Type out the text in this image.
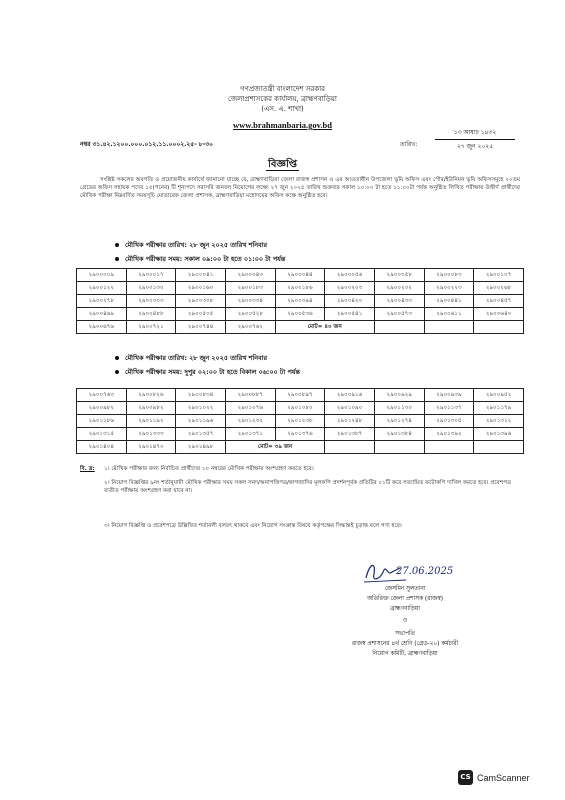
গণপ্রজাতন্ত্রী বাংলাদেশ সরকার
জেলাপ্রশাসকের কার্যালয়, ব্রাহ্মণবাড়িয়া
(এস. এ. শাখা)
www.brahmanbaria.gov.bd
নম্বর ৩১.৪২.১২০০.০০০.০১২.১১.০০০২.২৫- ৮-৩০	তারিখ:
১৩ আষাঢ় ১৪৩২
২৭ জুন ২০২৫
বিজ্ঞপ্তি
সংশ্লিষ্ট সকলের অবগতি ও প্রয়োজনীয় কার্যার্থে জানানো যাচ্ছে যে, ব্রাহ্মণবাড়িয়া জেলা রাজস্ব প্রশাসন ও এর আওতাধীন উপজেলা ভূমি অফিস এবং পৌর/ইউনিয়ন ভূমি অফিসসমূহে ২০তম গ্রেডের অফিস সহায়ক পদের ১৫(পনের) টি শূন্যপদে সরাসরি জনবল নিয়োগের লক্ষ্যে ২৭ জুন ২০২৫ তারিখ শুক্রবার সকাল ১০:০০ টা হতে ১১:০০টা পর্যন্ত অনুষ্ঠিত লিখিত পরীক্ষায় উত্তীর্ণ প্রার্থীদের মৌখিক পরীক্ষা নিম্নবর্ণিত সময়সূচি মোতাবেক জেলা প্রশাসক, ব্রাহ্মণবাড়িয়া মহোদয়ের অফিস কক্ষে অনুষ্ঠিত হবে।
মৌখিক পরীক্ষার তারিখ: ২৮ জুন ২০২৫ তারিখ শনিবার
মৌখিক পরীক্ষার সময়: সকাল ০৯:০০ টা হতে ০১:০০ টা পর্যন্ত
২৯০০০০৯	২৯০০০১৭	২৯০০০৪১	২৯০০০৪৩	২৯০০০৪৪	২৯০০০৫৬	২৯০০০৫৮	২৯০০০৮৩	২৯০০১০৭
২৯০০১২২	২৯০০১৩০	২৯০০১৬০	২৯০০১৮৩	২৯০০১৮৬	২৯০০২০৩	২৯০০২০২	২৯০০২২৩	২৯০০২৬৮
২৯০০২৭৮	২৯০০৩০৩	২৯০০৩০৮	২৯০০৩৩৪	২৯০০৩৯৪	২৯০০৪২০	২৯০০৪৩৩	২৯০০৪৪১	২৯০০৪৫৭
২৯০০৪৬৯	২৯০০৪৮৮	২৯০০৫০৫	২৯০০৫২৮	২৯০০৫৩৬	২৯০০৫৪১	২৯০০৫৭৩	২৯০০৬১১	২৯০০৬৪০
২৯০০৬৭৬	২৯০০৭২১	২৯০০৭৪৪	২৯০০৭৬২	মোট= ৪০ জন				
মৌখিক পরীক্ষার তারিখ: ২৮ জুন ২০২৫ তারিখ শনিবার
মৌখিক পরীক্ষার সময়: দুপুর ০২:০০ টা হতে বিকাল ০৬:০০ টা পর্যন্ত
২৯০০৭৬৩	২৯০০৮২৬	২৯০০৮৩৪	২৯০০৮৮৭	২৯০০৮৯৭	২৯০০৯১৬	২৯০০৯২৯	২৯০০৯৩৯	২৯০০৯৫২
২৯০০৯৮২	২৯০০৯৮২	২৯০১০২২	২৯০১০৭৬	২৯০১০৮০	২৯০১০৯০	২৯০১১৩০	২৯০১১৩৭	২৯০১১৭৯
২৯০১১৮৬	২৯০১১৯২	২৯০১১৯৬	২৯০১২৩২	২৯০১২৩৮	২৯০১২৪৮	২৯০১২৭৪	২৯০১৩০৫	২৯০১৩১২
২৯০১৩১৫	২৯০১৩৩৩	২৯০১৩৫৭	২৯০১৩৭১	২৯০১৩৭৬	২৯০১৩৮৭	২৯০১৩৮৪	২৯০১৩৯২	২৯০১৩৯৬
২৯০১৪০৪	২৯০১৪৭০	২৯০১৪৯৮	মোট= ৩৯ জন					
বি. দ্র: ১। মৌখিক পরীক্ষার জন্য নির্বাচিত প্রার্থীদের ১০ নম্বরের মৌখিক পরীক্ষায় অংশগ্রহণ করতে হবে।
২। নিয়োগ বিজ্ঞপ্তির ৯নং শর্তানুযায়ী মৌখিক পরীক্ষার সময় সকল সনদ/অনাপত্তিপত্র/কাগজাদির মূলকপি প্রদর্শনপূর্বক প্রতিটির ০১টি করে সত্যায়িত ফটোকপি দাখিল করতে হবে। প্রবেশপত্র ব্যতীত পরীক্ষায় অংশগ্রহণ করা যাবে না।
৩। নিয়োগ বিজ্ঞপ্তি ও প্রবেশপত্রে উল্লিখিত শর্তাবলী বলবৎ থাকবে এবং নিয়োগ সংক্রান্ত বিষয়ে কর্তৃপক্ষের সিদ্ধান্তই চূড়ান্ত বলে গণ্য হবে।
27.06.2025
জেসমিন সুলতানা
অতিরিক্ত জেলা প্রশাসক (রাজস্ব)
ব্রাহ্মণবাড়িয়া
ও
সভাপতি
রাজস্ব প্রশাসনের ৪র্থ শ্রেণি (গ্রেড-২০) কর্মচারী
নিয়োগ কমিটি, ব্রাহ্মণবাড়িয়া
CS CamScanner
